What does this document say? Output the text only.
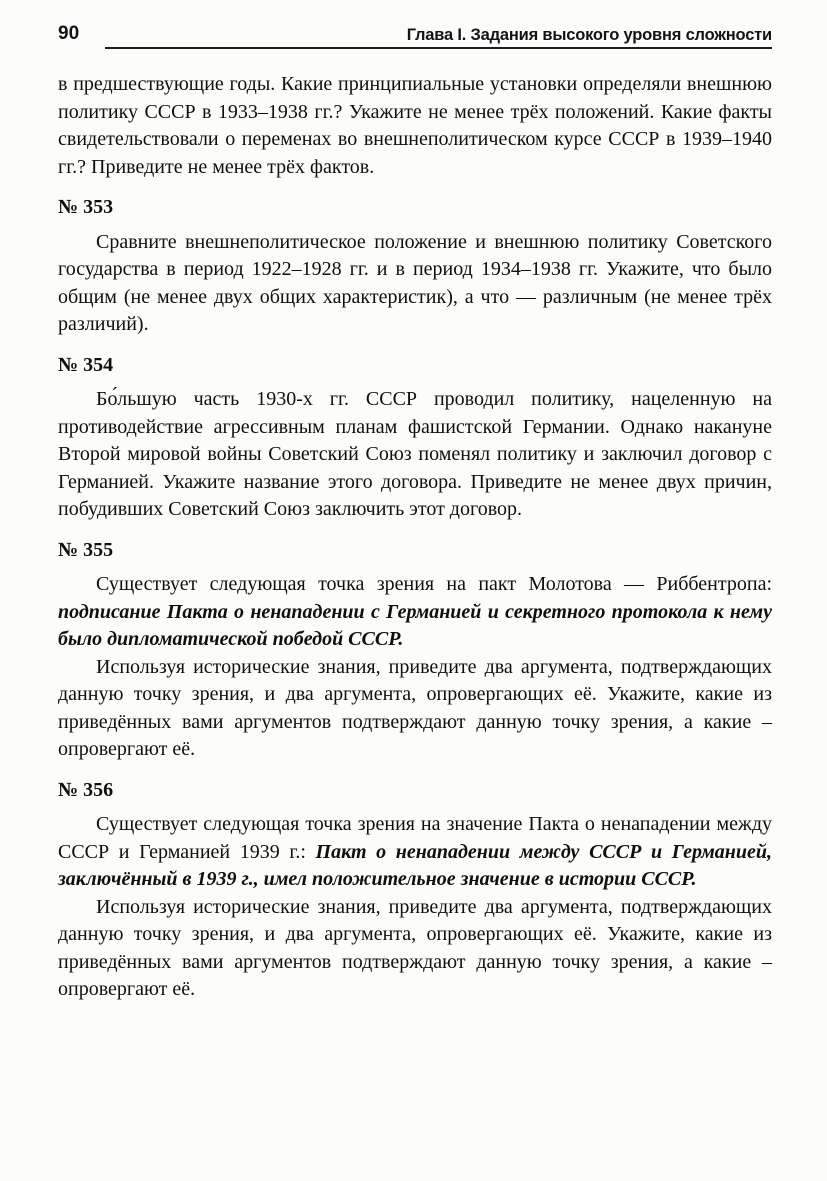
90	Глава I. Задания высокого уровня сложности

в предшествующие годы. Какие принципиальные установки определяли внешнюю политику СССР в 1933–1938 гг.? Укажите не менее трёх положений. Какие факты свидетельствовали о переменах во внешнеполитическом курсе СССР в 1939–1940 гг.? Приведите не менее трёх фактов.

№ 353

Сравните внешнеполитическое положение и внешнюю политику Советского государства в период 1922–1928 гг. и в период 1934–1938 гг. Укажите, что было общим (не менее двух общих характеристик), а что — различным (не менее трёх различий).

№ 354

Бо́льшую часть 1930-х гг. СССР проводил политику, нацеленную на противодействие агрессивным планам фашистской Германии. Однако накануне Второй мировой войны Советский Союз поменял политику и заключил договор с Германией. Укажите название этого договора. Приведите не менее двух причин, побудивших Советский Союз заключить этот договор.

№ 355

Существует следующая точка зрения на пакт Молотова — Риббентропа: подписание Пакта о ненападении с Германией и секретного протокола к нему было дипломатической победой СССР.

Используя исторические знания, приведите два аргумента, подтверждающих данную точку зрения, и два аргумента, опровергающих её. Укажите, какие из приведённых вами аргументов подтверждают данную точку зрения, а какие – опровергают её.

№ 356

Существует следующая точка зрения на значение Пакта о ненападении между СССР и Германией 1939 г.: Пакт о ненападении между СССР и Германией, заключённый в 1939 г., имел положительное значение в истории СССР.

Используя исторические знания, приведите два аргумента, подтверждающих данную точку зрения, и два аргумента, опровергающих её. Укажите, какие из приведённых вами аргументов подтверждают данную точку зрения, а какие – опровергают её.
